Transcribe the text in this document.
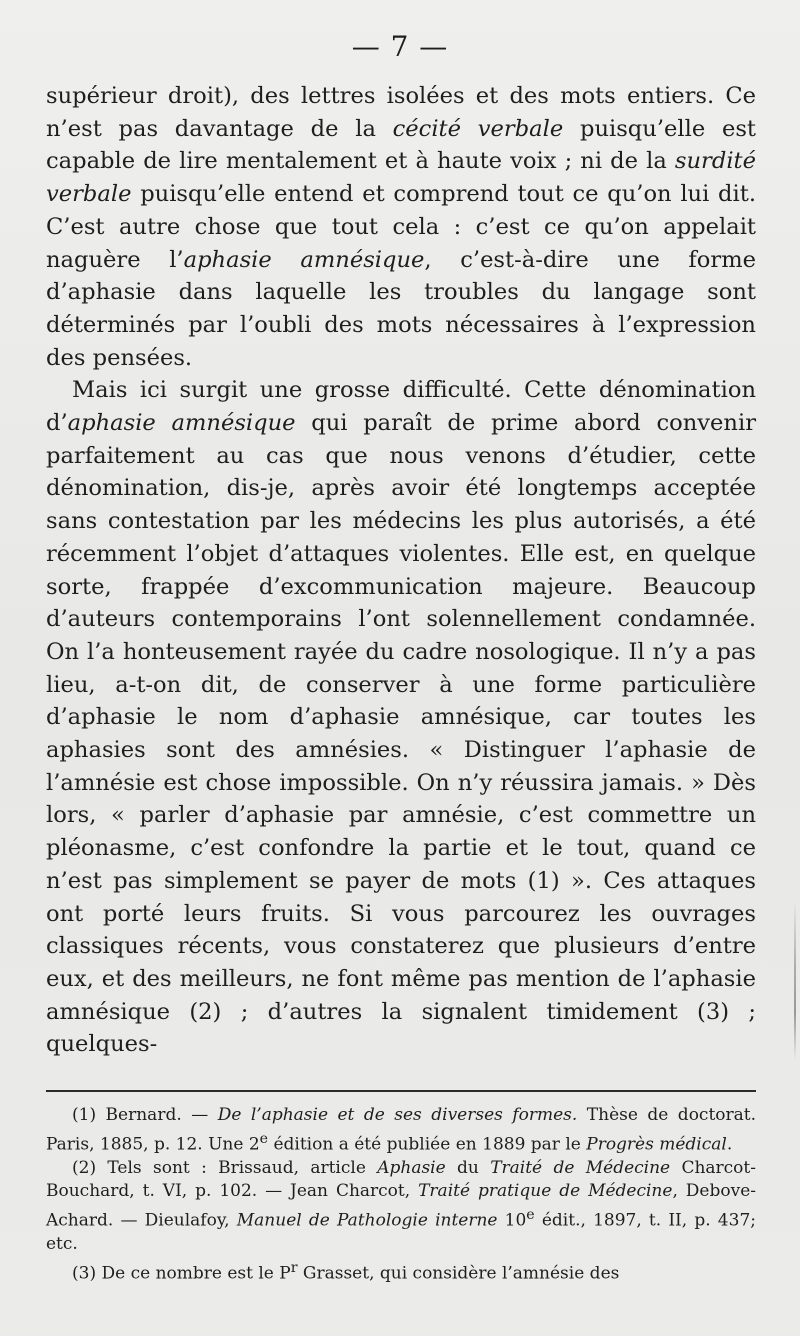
— 7 —

supérieur droit), des lettres isolées et des mots entiers. Ce n’est pas davantage de la cécité verbale puisqu’elle est capable de lire mentalement et à haute voix ; ni de la surdité verbale puisqu’elle entend et comprend tout ce qu’on lui dit. C’est autre chose que tout cela : c’est ce qu’on appelait naguère l’aphasie amnésique, c’est-à-dire une forme d’aphasie dans laquelle les troubles du langage sont déterminés par l’oubli des mots nécessaires à l’expression des pensées.

Mais ici surgit une grosse difficulté. Cette dénomination d’aphasie amnésique qui paraît de prime abord convenir parfaitement au cas que nous venons d’étudier, cette dénomination, dis-je, après avoir été longtemps acceptée sans contestation par les médecins les plus autorisés, a été récemment l’objet d’attaques violentes. Elle est, en quelque sorte, frappée d’excommunication majeure. Beaucoup d’auteurs contemporains l’ont solennellement condamnée. On l’a honteusement rayée du cadre nosologique. Il n’y a pas lieu, a-t-on dit, de conserver à une forme particulière d’aphasie le nom d’aphasie amnésique, car toutes les aphasies sont des amnésies. « Distinguer l’aphasie de l’amnésie est chose impossible. On n’y réussira jamais. » Dès lors, « parler d’aphasie par amnésie, c’est commettre un pléonasme, c’est confondre la partie et le tout, quand ce n’est pas simplement se payer de mots (1) ». Ces attaques ont porté leurs fruits. Si vous parcourez les ouvrages classiques récents, vous constaterez que plusieurs d’entre eux, et des meilleurs, ne font même pas mention de l’aphasie amnésique (2) ; d’autres la signalent timidement (3) ; quelques-

(1) Bernard. — De l’aphasie et de ses diverses formes. Thèse de doctorat. Paris, 1885, p. 12. Une 2e édition a été publiée en 1889 par le Progrès médical.

(2) Tels sont : Brissaud, article Aphasie du Traité de Médecine Charcot-Bouchard, t. VI, p. 102. — Jean Charcot, Traité pratique de Médecine, Debove-Achard. — Dieulafoy, Manuel de Pathologie interne 10e édit., 1897, t. II, p. 437; etc.

(3) De ce nombre est le $P^r$ Grasset, qui considère l’amnésie des
